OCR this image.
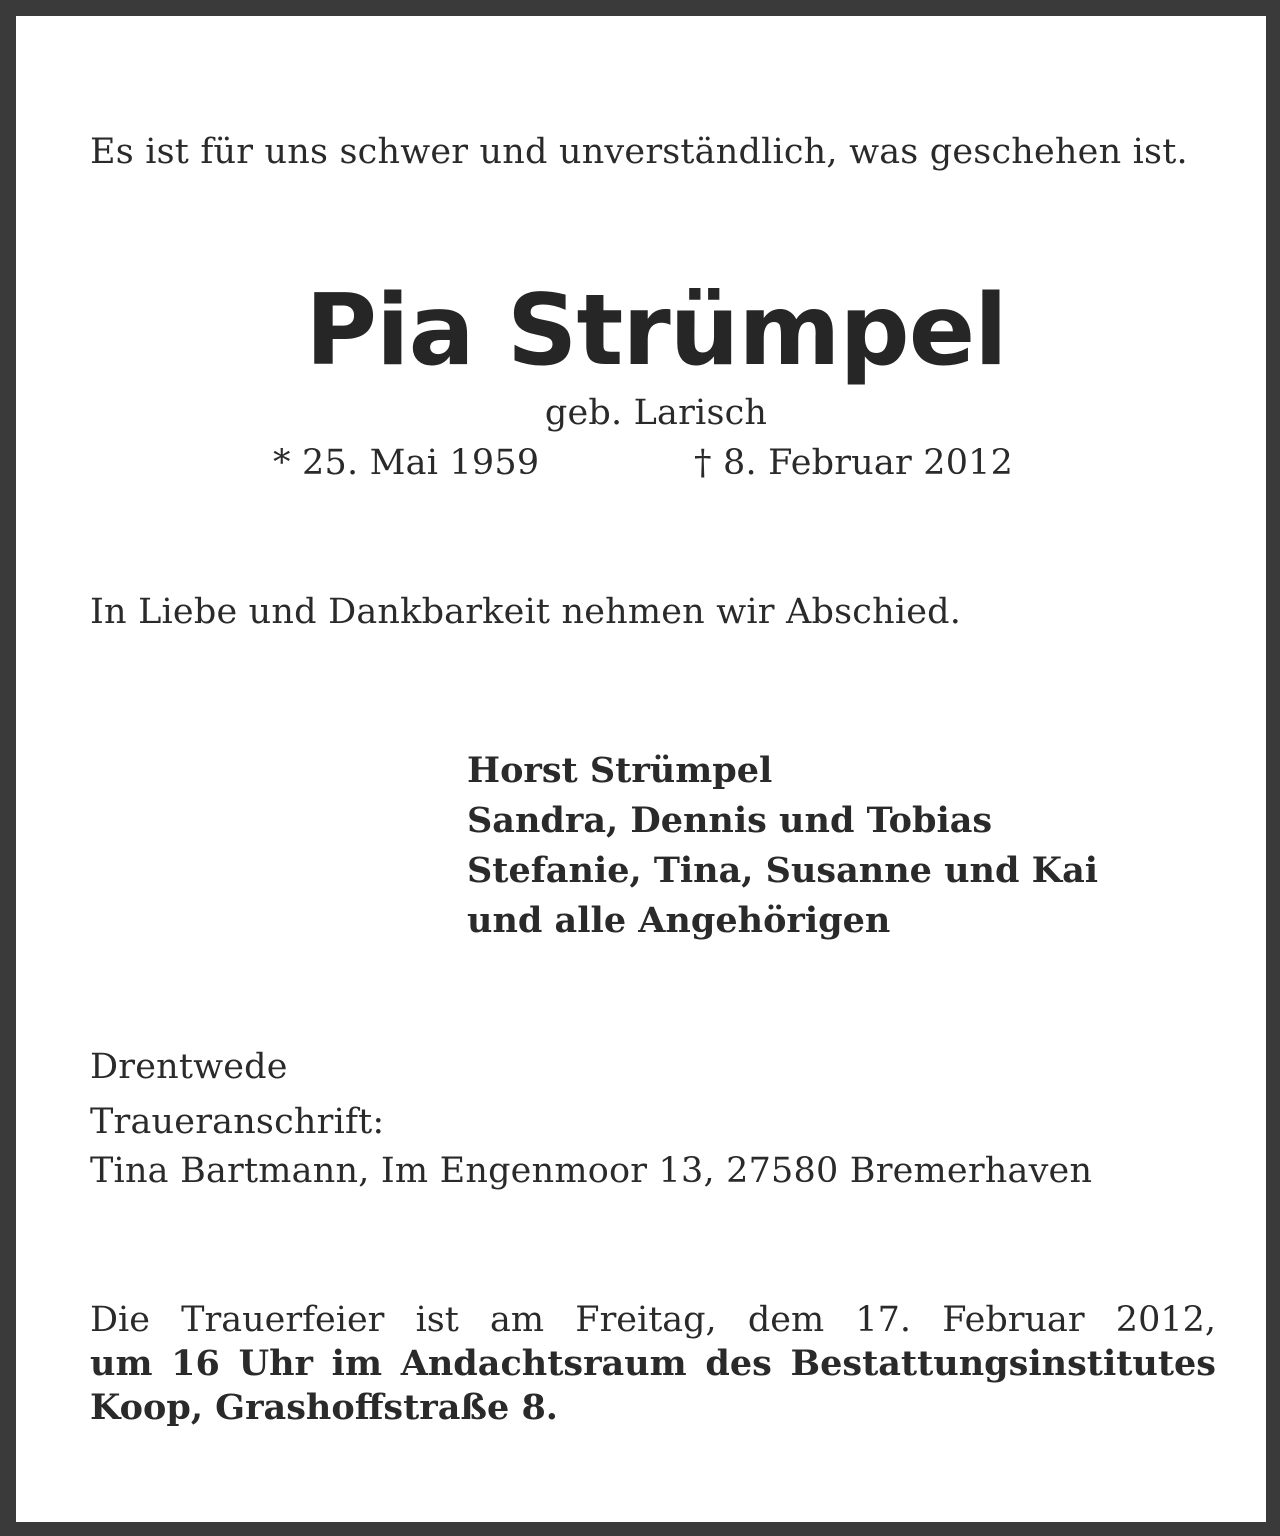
Es ist für uns schwer und unverständlich, was geschehen ist.
Pia Strümpel
geb. Larisch
* 25. Mai 1959	† 8. Februar 2012
In Liebe und Dankbarkeit nehmen wir Abschied.
Horst Strümpel
Sandra, Dennis und Tobias
Stefanie, Tina, Susanne und Kai
und alle Angehörigen
Drentwede
Traueranschrift:
Tina Bartmann, Im Engenmoor 13, 27580 Bremerhaven
Die Trauerfeier ist am Freitag, dem 17. Februar 2012,
um 16 Uhr im Andachtsraum des Bestattungsinstitutes
Koop, Grashoffstraße 8.
